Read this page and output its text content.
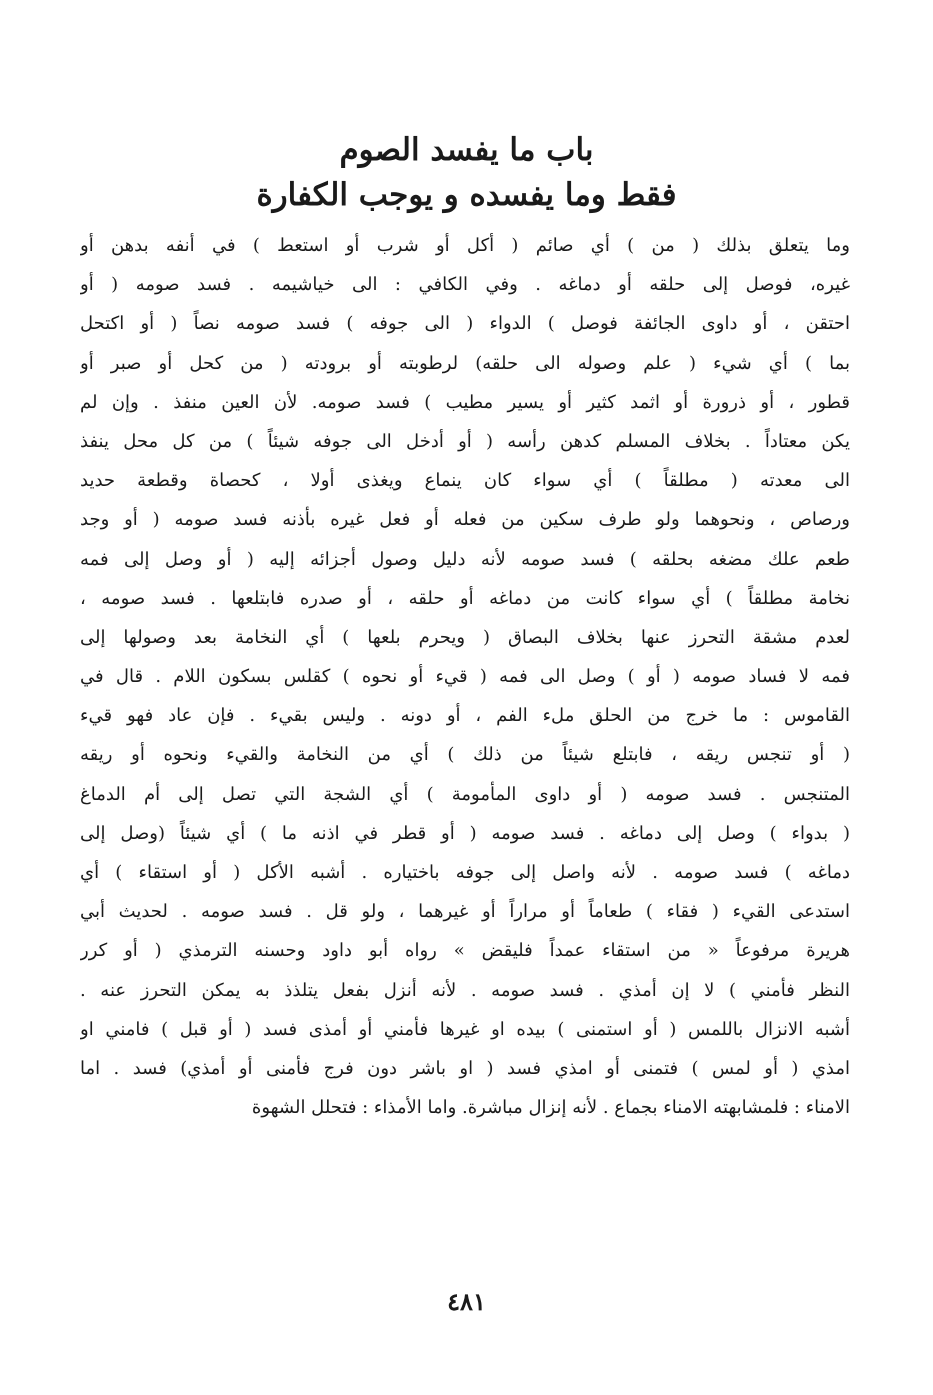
باب ما يفسد الصوم
فقط وما يفسده و يوجب الكفارة
وما يتعلق بذلك ( من ) أي صائم ( أكل أو شرب أو استعط ) في أنفه بدهن أو
غيره، فوصل إلى حلقه أو دماغه . وفي الكافي : الى خياشيمه . فسد صومه ( أو
احتقن ، أو داوى الجائفة فوصل ) الدواء ( الى جوفه ) فسد صومه نصاً ( أو اكتحل
بما ) أي شيء ( علم وصوله الى حلقه) لرطوبته أو برودته ( من كحل أو صبر أو
قطور ، أو ذرورة أو اثمد كثير أو يسير مطيب ) فسد صومه. لأن العين منفذ . وإن لم
يكن معتاداً . بخلاف المسلم كدهن رأسه ( أو أدخل الى جوفه شيئاً ) من كل محل ينفذ
الى معدته ( مطلقاً ) أي سواء كان ينماع ويغذى أولا ، كحصاة وقطعة حديد
ورصاص ، ونحوهما ولو طرف سكين من فعله أو فعل غيره بأذنه فسد صومه ( أو وجد
طعم علك مضغه بحلقه ) فسد صومه لأنه دليل وصول أجزائه إليه ( أو وصل إلى فمه
نخامة مطلقاً ) أي سواء كانت من دماغه أو حلقه ، أو صدره فابتلعها . فسد صومه ،
لعدم مشقة التحرز عنها بخلاف البصاق ( ويحرم بلعها ) أي النخامة بعد وصولها إلى
فمه لا فساد صومه ( أو ) وصل الى فمه ( قيء أو نحوه ) كقلس بسكون اللام . قال في
القاموس : ما خرج من الحلق ملء الفم ، أو دونه . وليس بقيء . فإن عاد فهو قيء
( أو تنجس ريقه ، فابتلع شيئاً من ذلك ) أي من النخامة والقيء ونحوه أو ريقه
المتنجس . فسد صومه ( أو داوى المأمومة ) أي الشجة التي تصل إلى أم الدماغ
( بدواء ) وصل إلى دماغه . فسد صومه ( أو قطر في اذنه ما ) أي شيئاً (وصل إلى
دماغه ) فسد صومه . لأنه واصل إلى جوفه باختياره . أشبه الأكل ( أو استقاء ) أي
استدعى القيء ( فقاء ) طعاماً أو مراراً أو غيرهما ، ولو قل . فسد صومه . لحديث أبي
هريرة مرفوعاً « من استقاء عمداً فليقض » رواه أبو داود وحسنه الترمذي ( أو كرر
النظر فأمني ) لا إن أمذي . فسد صومه . لأنه أنزل بفعل يتلذذ به يمكن التحرز عنه .
أشبه الانزال باللمس ( أو استمنى ) بيده او غيرها فأمني أو أمذى فسد ( أو قبل ) فامني او
امذي ( أو لمس ) فتمنى أو امذي فسد ( او باشر دون فرج فأمنى أو أمذي) فسد . اما
الامناء : فلمشابهته الامناء بجماع . لأنه إنزال مباشرة. واما الأمذاء : فتحلل الشهوة
٤٨١
